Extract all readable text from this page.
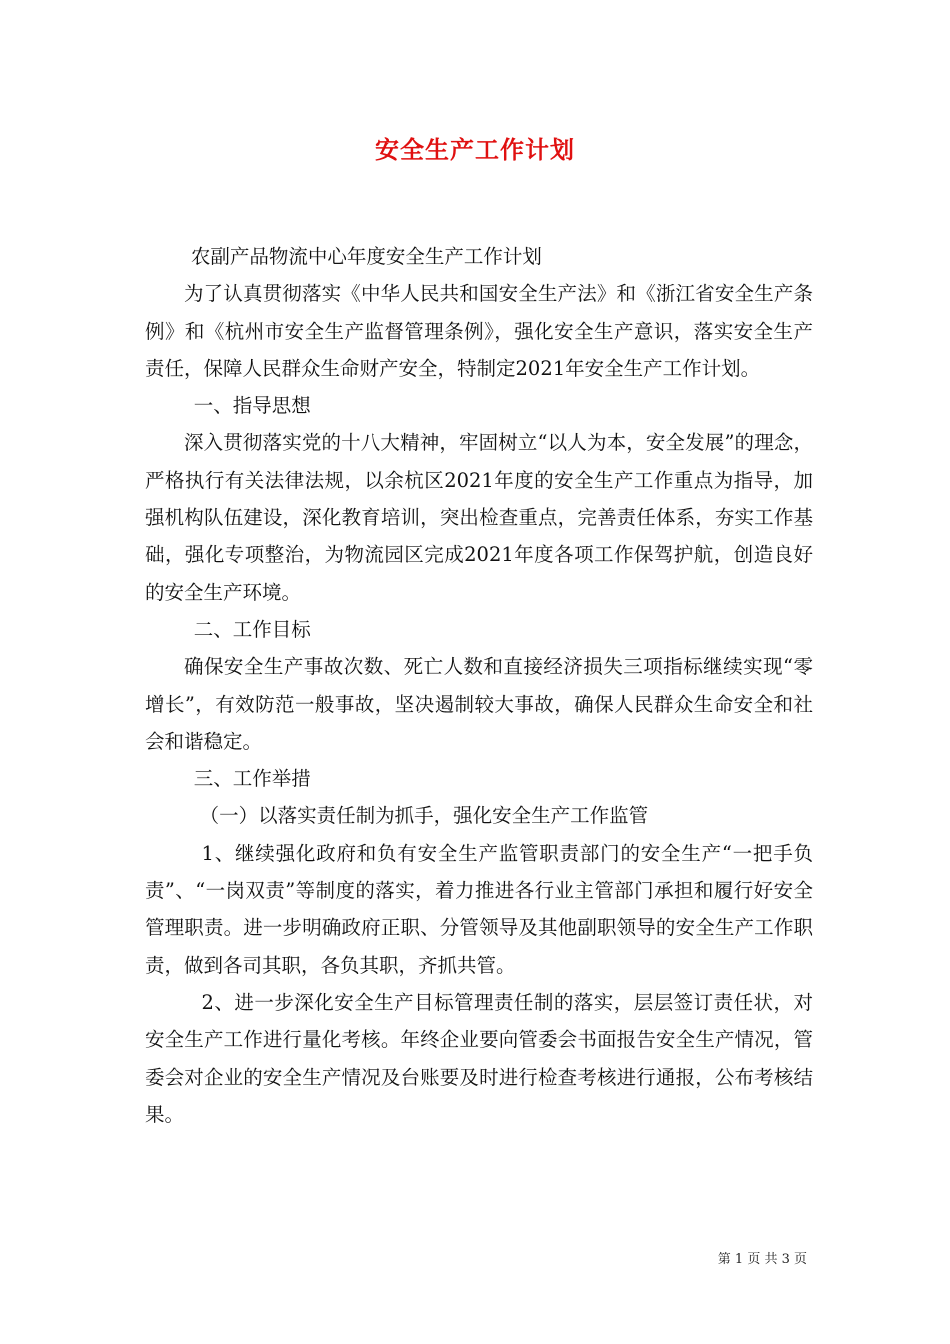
安全生产工作计划

农副产品物流中心年度安全生产工作计划

为了认真贯彻落实《中华人民共和国安全生产法》和《浙江省安全生产条例》和《杭州市安全生产监督管理条例》，强化安全生产意识，落实安全生产责任，保障人民群众生命财产安全，特制定2021年安全生产工作计划。

一、指导思想

深入贯彻落实党的十八大精神，牢固树立“以人为本，安全发展”的理念，严格执行有关法律法规，以余杭区2021年度的安全生产工作重点为指导，加强机构队伍建设，深化教育培训，突出检查重点，完善责任体系，夯实工作基础，强化专项整治，为物流园区完成2021年度各项工作保驾护航，创造良好的安全生产环境。

二、工作目标

确保安全生产事故次数、死亡人数和直接经济损失三项指标继续实现“零增长”，有效防范一般事故，坚决遏制较大事故，确保人民群众生命安全和社会和谐稳定。

三、工作举措

（一）以落实责任制为抓手，强化安全生产工作监管

1、继续强化政府和负有安全生产监管职责部门的安全生产“一把手负责”、“一岗双责”等制度的落实，着力推进各行业主管部门承担和履行好安全管理职责。进一步明确政府正职、分管领导及其他副职领导的安全生产工作职责，做到各司其职，各负其职，齐抓共管。

2、进一步深化安全生产目标管理责任制的落实，层层签订责任状，对安全生产工作进行量化考核。年终企业要向管委会书面报告安全生产情况，管委会对企业的安全生产情况及台账要及时进行检查考核进行通报，公布考核结果。

第 1 页 共 3 页
